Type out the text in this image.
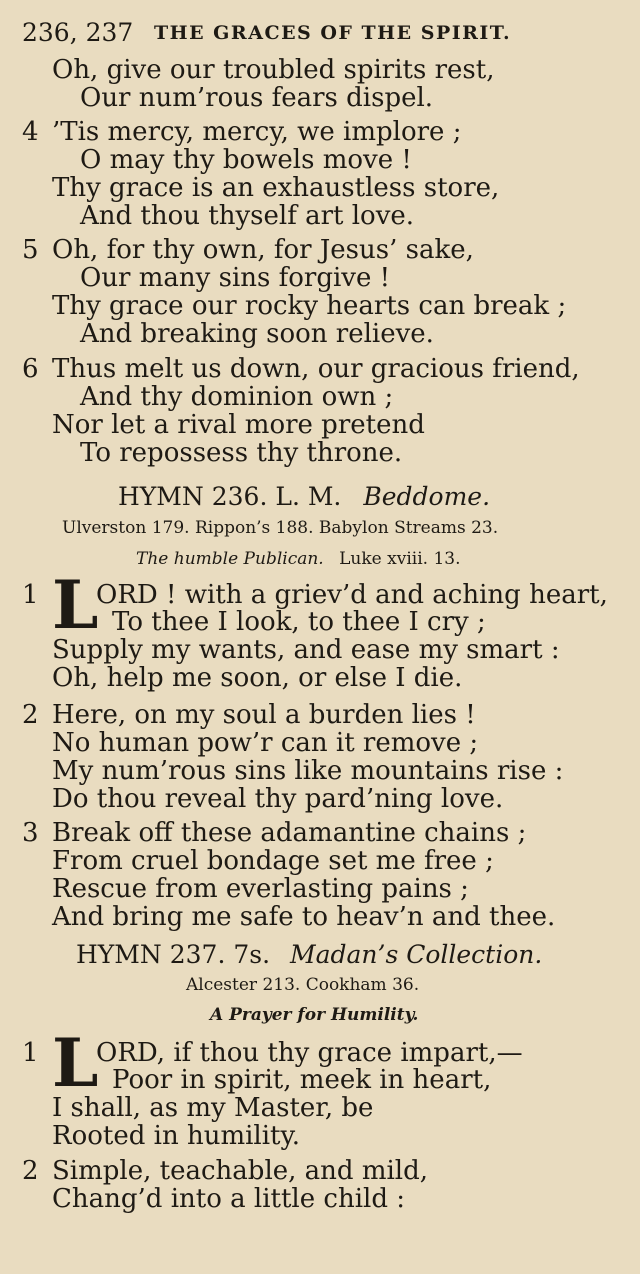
236, 237 THE GRACES OF THE SPIRIT.
Oh, give our troubled spirits rest,
Our num’rous fears dispel.
4 ’Tis mercy, mercy, we implore ;
O may thy bowels move !
Thy grace is an exhaustless store,
And thou thyself art love.
5 Oh, for thy own, for Jesus’ sake,
Our many sins forgive !
Thy grace our rocky hearts can break ;
And breaking soon relieve.
6 Thus melt us down, our gracious friend,
And thy dominion own ;
Nor let a rival more pretend
To repossess thy throne.
HYMN 236. L. M. Beddome.
Ulverston 179. Rippon’s 188. Babylon Streams 23.
The humble Publican. Luke xviii. 13.
1 L
ORD ! with a griev’d and aching heart,
To thee I look, to thee I cry ;
Supply my wants, and ease my smart :
Oh, help me soon, or else I die.
2 Here, on my soul a burden lies !
No human pow’r can it remove ;
My num’rous sins like mountains rise :
Do thou reveal thy pard’ning love.
3 Break off these adamantine chains ;
From cruel bondage set me free ;
Rescue from everlasting pains ;
And bring me safe to heav’n and thee.
HYMN 237. 7s. Madan’s Collection.
Alcester 213. Cookham 36.
A Prayer for Humility.
1 L
ORD, if thou thy grace impart,—
Poor in spirit, meek in heart,
I shall, as my Master, be
Rooted in humility.
2 Simple, teachable, and mild,
Chang’d into a little child :
